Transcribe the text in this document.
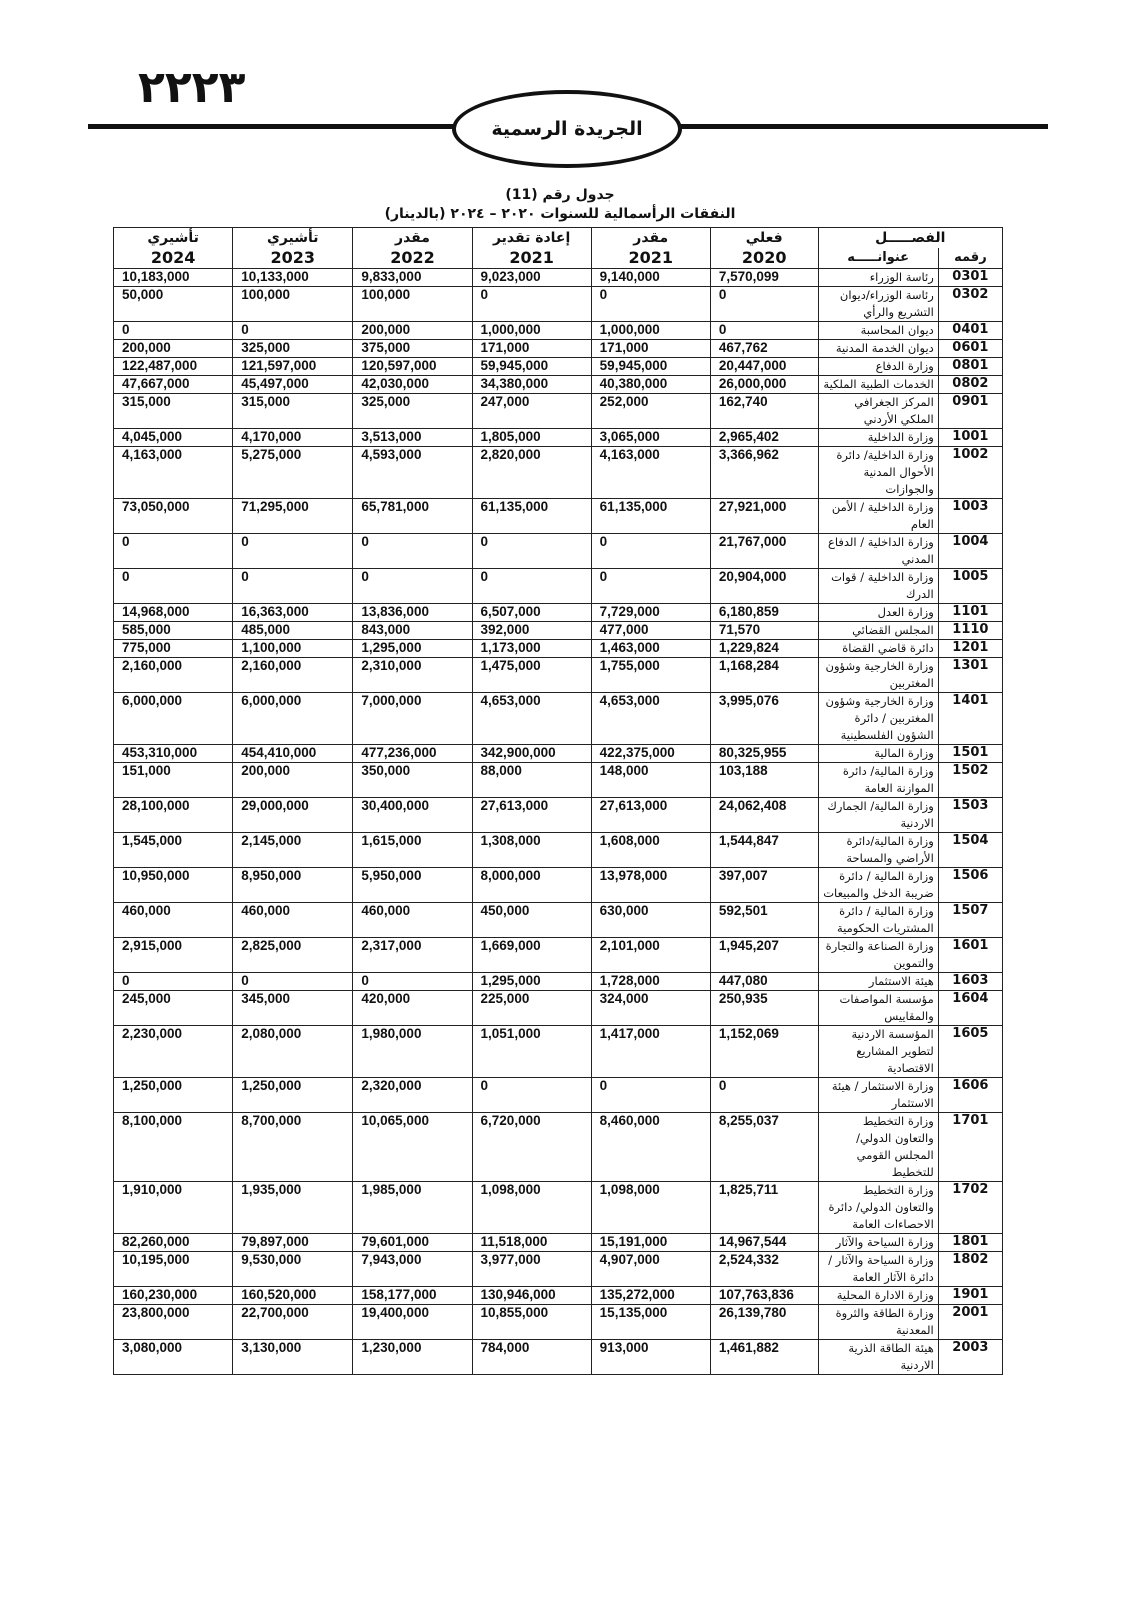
٢٢٢٣
الجريدة الرسمية
جدول رقم (11)
النفقات الرأسمالية للسنوات ٢٠٢٠ – ٢٠٢٤ (بالدينار)
الفصـــــل		فعلي	مقدر	إعادة تقدير	مقدر	تأشيري	تأشيري
رقمه	عنوانـــــه	2020	2021	2021	2022	2023	2024
0301	رئاسة الوزراء	7,570,099	9,140,000	9,023,000	9,833,000	10,133,000	10,183,000
0302	رئاسة الوزراء/ديوان التشريع والرأي	0	0	0	100,000	100,000	50,000
0401	ديوان المحاسبة	0	1,000,000	1,000,000	200,000	0	0
0601	ديوان الخدمة المدنية	467,762	171,000	171,000	375,000	325,000	200,000
0801	وزارة الدفاع	20,447,000	59,945,000	59,945,000	120,597,000	121,597,000	122,487,000
0802	الخدمات الطبية الملكية	26,000,000	40,380,000	34,380,000	42,030,000	45,497,000	47,667,000
0901	المركز الجغرافي الملكي الأردني	162,740	252,000	247,000	325,000	315,000	315,000
1001	وزارة الداخلية	2,965,402	3,065,000	1,805,000	3,513,000	4,170,000	4,045,000
1002	وزارة الداخلية/ دائرة الأحوال المدنية والجوازات	3,366,962	4,163,000	2,820,000	4,593,000	5,275,000	4,163,000
1003	وزارة الداخلية / الأمن العام	27,921,000	61,135,000	61,135,000	65,781,000	71,295,000	73,050,000
1004	وزارة الداخلية / الدفاع المدني	21,767,000	0	0	0	0	0
1005	وزارة الداخلية / قوات الدرك	20,904,000	0	0	0	0	0
1101	وزارة العدل	6,180,859	7,729,000	6,507,000	13,836,000	16,363,000	14,968,000
1110	المجلس القضائي	71,570	477,000	392,000	843,000	485,000	585,000
1201	دائرة قاضي القضاة	1,229,824	1,463,000	1,173,000	1,295,000	1,100,000	775,000
1301	وزارة الخارجية وشؤون المغتربين	1,168,284	1,755,000	1,475,000	2,310,000	2,160,000	2,160,000
1401	وزارة الخارجية وشؤون المغتربين / دائرة الشؤون الفلسطينية	3,995,076	4,653,000	4,653,000	7,000,000	6,000,000	6,000,000
1501	وزارة المالية	80,325,955	422,375,000	342,900,000	477,236,000	454,410,000	453,310,000
1502	وزارة المالية/ دائرة الموازنة العامة	103,188	148,000	88,000	350,000	200,000	151,000
1503	وزارة المالية/ الجمارك الاردنية	24,062,408	27,613,000	27,613,000	30,400,000	29,000,000	28,100,000
1504	وزارة المالية/دائرة الأراضي والمساحة	1,544,847	1,608,000	1,308,000	1,615,000	2,145,000	1,545,000
1506	وزارة المالية / دائرة ضريبة الدخل والمبيعات	397,007	13,978,000	8,000,000	5,950,000	8,950,000	10,950,000
1507	وزارة المالية / دائرة المشتريات الحكومية	592,501	630,000	450,000	460,000	460,000	460,000
1601	وزارة الصناعة والتجارة والتموين	1,945,207	2,101,000	1,669,000	2,317,000	2,825,000	2,915,000
1603	هيئة الاستثمار	447,080	1,728,000	1,295,000	0	0	0
1604	مؤسسة المواصفات والمقاييس	250,935	324,000	225,000	420,000	345,000	245,000
1605	المؤسسة الاردنية لتطوير المشاريع الاقتصادية	1,152,069	1,417,000	1,051,000	1,980,000	2,080,000	2,230,000
1606	وزارة الاستثمار / هيئة الاستثمار	0	0	0	2,320,000	1,250,000	1,250,000
1701	وزارة التخطيط والتعاون الدولي/ المجلس القومي للتخطيط	8,255,037	8,460,000	6,720,000	10,065,000	8,700,000	8,100,000
1702	وزارة التخطيط والتعاون الدولي/ دائرة الاحصاءات العامة	1,825,711	1,098,000	1,098,000	1,985,000	1,935,000	1,910,000
1801	وزارة السياحة والآثار	14,967,544	15,191,000	11,518,000	79,601,000	79,897,000	82,260,000
1802	وزارة السياحة والآثار / دائرة الآثار العامة	2,524,332	4,907,000	3,977,000	7,943,000	9,530,000	10,195,000
1901	وزارة الادارة المحلية	107,763,836	135,272,000	130,946,000	158,177,000	160,520,000	160,230,000
2001	وزارة الطاقة والثروة المعدنية	26,139,780	15,135,000	10,855,000	19,400,000	22,700,000	23,800,000
2003	هيئة الطاقة الذرية الاردنية	1,461,882	913,000	784,000	1,230,000	3,130,000	3,080,000
